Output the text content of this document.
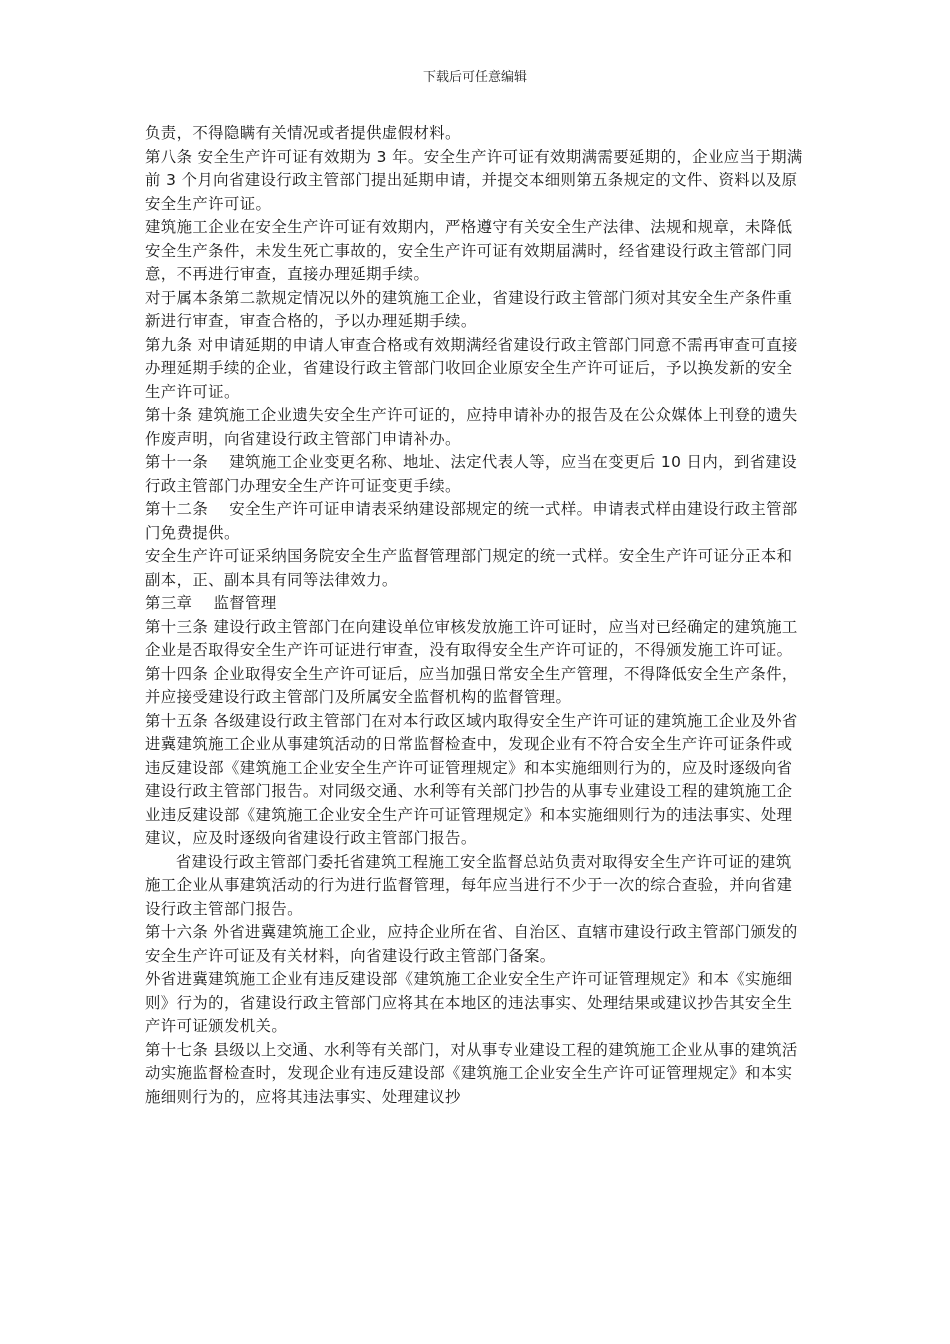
下载后可任意编辑

负责，不得隐瞒有关情况或者提供虚假材料。

第八条 安全生产许可证有效期为 3 年。安全生产许可证有效期满需要延期的，企业应当于期满前 3 个月向省建设行政主管部门提出延期申请，并提交本细则第五条规定的文件、资料以及原安全生产许可证。

建筑施工企业在安全生产许可证有效期内，严格遵守有关安全生产法律、法规和规章，未降低安全生产条件，未发生死亡事故的，安全生产许可证有效期届满时，经省建设行政主管部门同意，不再进行审查，直接办理延期手续。

对于属本条第二款规定情况以外的建筑施工企业，省建设行政主管部门须对其安全生产条件重新进行审查，审查合格的，予以办理延期手续。

第九条 对申请延期的申请人审查合格或有效期满经省建设行政主管部门同意不需再审查可直接办理延期手续的企业，省建设行政主管部门收回企业原安全生产许可证后，予以换发新的安全生产许可证。

第十条 建筑施工企业遗失安全生产许可证的，应持申请补办的报告及在公众媒体上刊登的遗失作废声明，向省建设行政主管部门申请补办。

第十一条　 建筑施工企业变更名称、地址、法定代表人等，应当在变更后 10 日内，到省建设行政主管部门办理安全生产许可证变更手续。

第十二条　 安全生产许可证申请表采纳建设部规定的统一式样。申请表式样由建设行政主管部门免费提供。

安全生产许可证采纳国务院安全生产监督管理部门规定的统一式样。安全生产许可证分正本和副本，正、副本具有同等法律效力。

第三章　 监督管理

第十三条 建设行政主管部门在向建设单位审核发放施工许可证时，应当对已经确定的建筑施工企业是否取得安全生产许可证进行审查，没有取得安全生产许可证的，不得颁发施工许可证。

第十四条 企业取得安全生产许可证后，应当加强日常安全生产管理，不得降低安全生产条件，并应接受建设行政主管部门及所属安全监督机构的监督管理。

第十五条 各级建设行政主管部门在对本行政区域内取得安全生产许可证的建筑施工企业及外省进冀建筑施工企业从事建筑活动的日常监督检查中，发现企业有不符合安全生产许可证条件或违反建设部《建筑施工企业安全生产许可证管理规定》和本实施细则行为的，应及时逐级向省建设行政主管部门报告。对同级交通、水利等有关部门抄告的从事专业建设工程的建筑施工企业违反建设部《建筑施工企业安全生产许可证管理规定》和本实施细则行为的违法事实、处理建议，应及时逐级向省建设行政主管部门报告。

省建设行政主管部门委托省建筑工程施工安全监督总站负责对取得安全生产许可证的建筑施工企业从事建筑活动的行为进行监督管理，每年应当进行不少于一次的综合查验，并向省建设行政主管部门报告。

第十六条 外省进冀建筑施工企业，应持企业所在省、自治区、直辖市建设行政主管部门颁发的安全生产许可证及有关材料，向省建设行政主管部门备案。

外省进冀建筑施工企业有违反建设部《建筑施工企业安全生产许可证管理规定》和本《实施细则》行为的，省建设行政主管部门应将其在本地区的违法事实、处理结果或建议抄告其安全生产许可证颁发机关。

第十七条 县级以上交通、水利等有关部门，对从事专业建设工程的建筑施工企业从事的建筑活动实施监督检查时，发现企业有违反建设部《建筑施工企业安全生产许可证管理规定》和本实施细则行为的，应将其违法事实、处理建议抄
